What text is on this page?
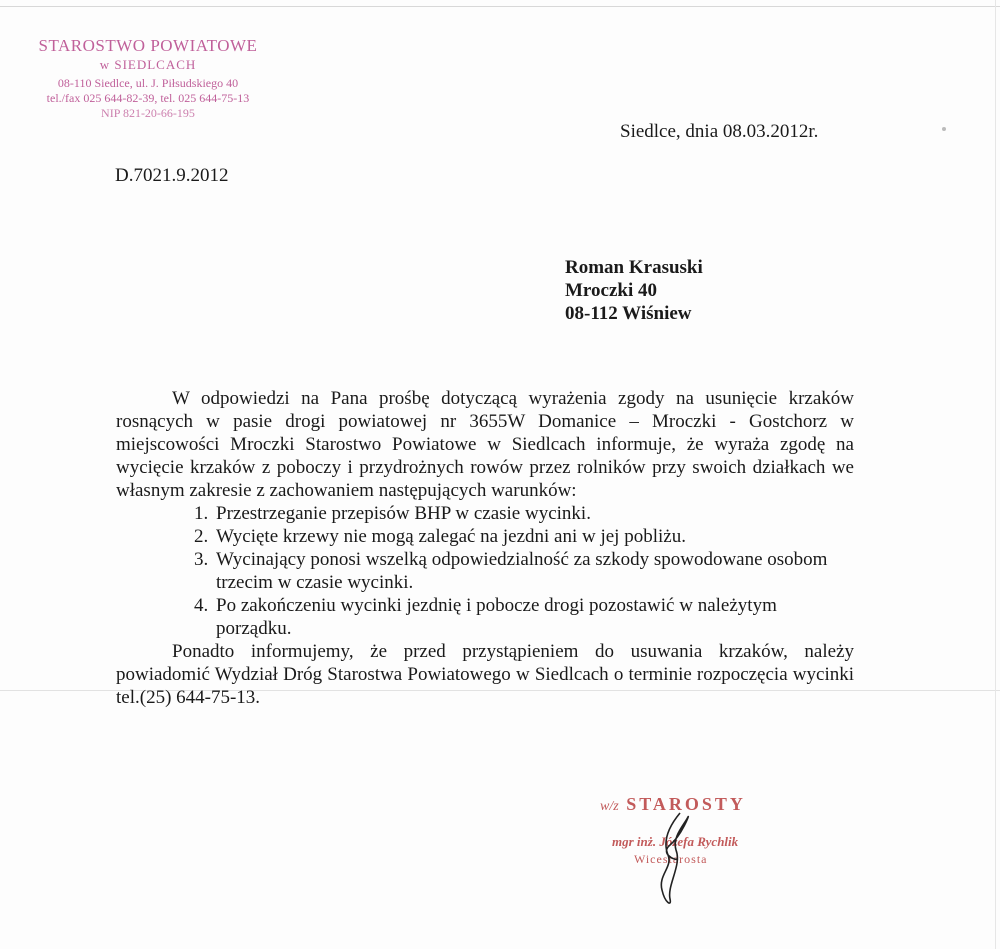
STAROSTWO POWIATOWE
w SIEDLCACH
08-110 Siedlce, ul. J. Piłsudskiego 40
tel./fax 025 644-82-39, tel. 025 644-75-13
NIP 821-20-66-195
Siedlce, dnia 08.03.2012r.
D.7021.9.2012
Roman Krasuski
Mroczki 40
08-112 Wiśniew

W odpowiedzi na Pana prośbę dotyczącą wyrażenia zgody na usunięcie krzaków rosnących w pasie drogi powiatowej nr 3655W Domanice – Mroczki - Gostchorz w miejscowości Mroczki Starostwo Powiatowe w Siedlcach informuje, że wyraża zgodę na wycięcie krzaków z poboczy i przydrożnych rowów przez rolników przy swoich działkach we własnym zakresie z zachowaniem następujących warunków:

1. Przestrzeganie przepisów BHP w czasie wycinki.
2. Wycięte krzewy nie mogą zalegać na jezdni ani w jej pobliżu.
3. Wycinający ponosi wszelką odpowiedzialność za szkody spowodowane osobom trzecim w czasie wycinki.
4. Po zakończeniu wycinki jezdnię i pobocze drogi pozostawić w należytym porządku.

Ponadto informujemy, że przed przystąpieniem do usuwania krzaków, należy powiadomić Wydział Dróg Starostwa Powiatowego w Siedlcach o terminie rozpoczęcia wycinki tel.(25) 644-75-13.

w/z STAROSTY
mgr inż. Józefa Rychlik
Wicestarosta
